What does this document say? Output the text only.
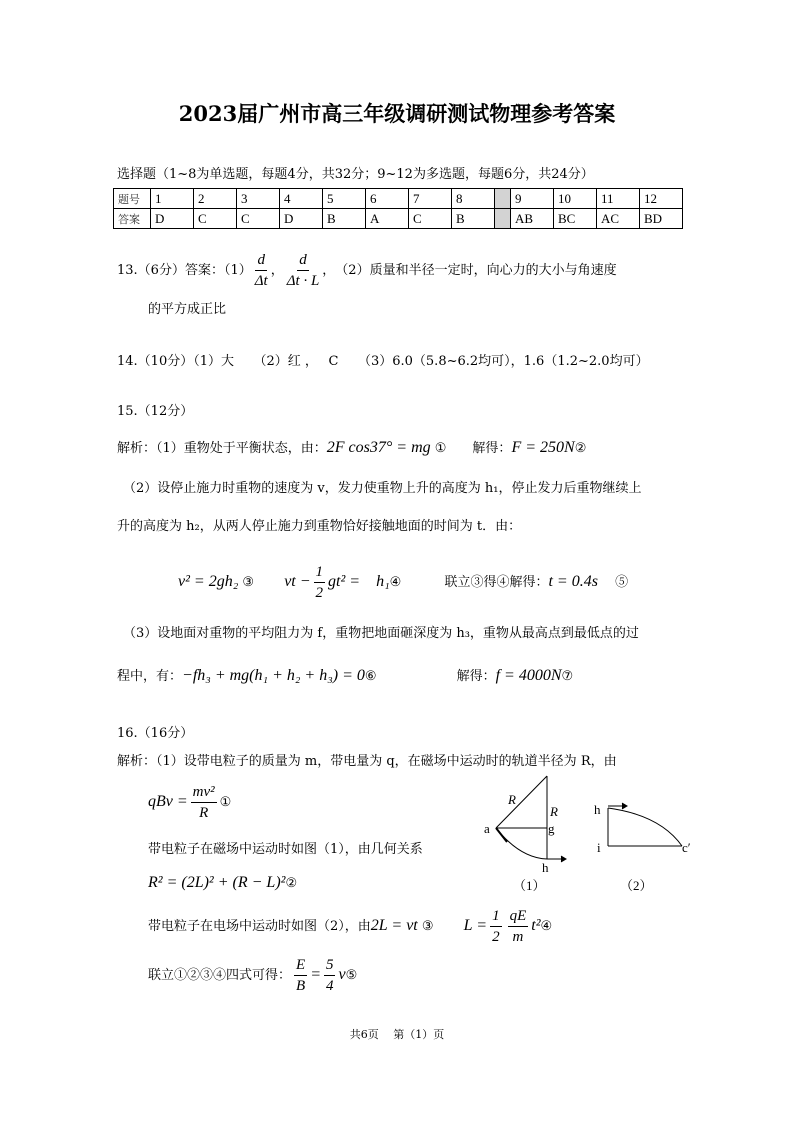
2023届广州市高三年级调研测试物理参考答案
选择题（1~8为单选题，每题4分，共32分；9~12为多选题，每题6分，共24分）
题号	1	2	3	4	5	6	7	8		9	10	11	12
答案	D	C	C	D	B	A	C	B		AB	BC	AC	BD
13.（6分）答案：$(1) \frac{d}{\Delta t}$ ， $\frac{d}{\Delta t \cdot L}$ ，　（2）质量和半径一定时，向心力的大小与角速度
的平方成正比
14.（10分）（1）大　　（2）红 ，　 C　　（3）6.0（5.8~6.2均可），1.6（1.2~2.0均可）
15.（12分）
解析：（1）重物处于平衡状态，由：2F cos37° = mg ①　　解得：F = 250N②
（2）设停止施力时重物的速度为 v，发力使重物上升的高度为 h₁，停止发力后重物继续上
升的高度为 h₂，从两人停止施力到重物恰好接触地面的时间为 t．由：
v² = 2gh₂ ③　　 vt − $\frac{1}{2} gt^2$ =　h₁④　　　	联立③得④解得：t = 0.4s　 ⑤
（3）设地面对重物的平均阻力为 f，重物把地面砸深度为 h₃，重物从最高点到最低点的过
程中，有：−fh₃ + mg(h₁ + h₂ + h₃) = 0⑥	解得：f = 4000N⑦
16.（16分）
解析：（1）设带电粒子的质量为 m，带电量为 q，在磁场中运动时的轨道半径为 R，由
qBv = $\frac{\text{mv²}}{R}$ ①
带电粒子在磁场中运动时如图（1），由几何关系
R² = (2L)² + (R − L)²②
带电粒子在电场中运动时如图（2），由2L = vt ③　　 $L = \frac{1}{2} \frac{qE}{m}$ t²④
联立①②③④四式可得： $\frac{E}{B} = \frac{5}{4}$ v⑤
R
R
a	g
h
（1）
h
i	c′
（2）
共6页　 第（1）页
